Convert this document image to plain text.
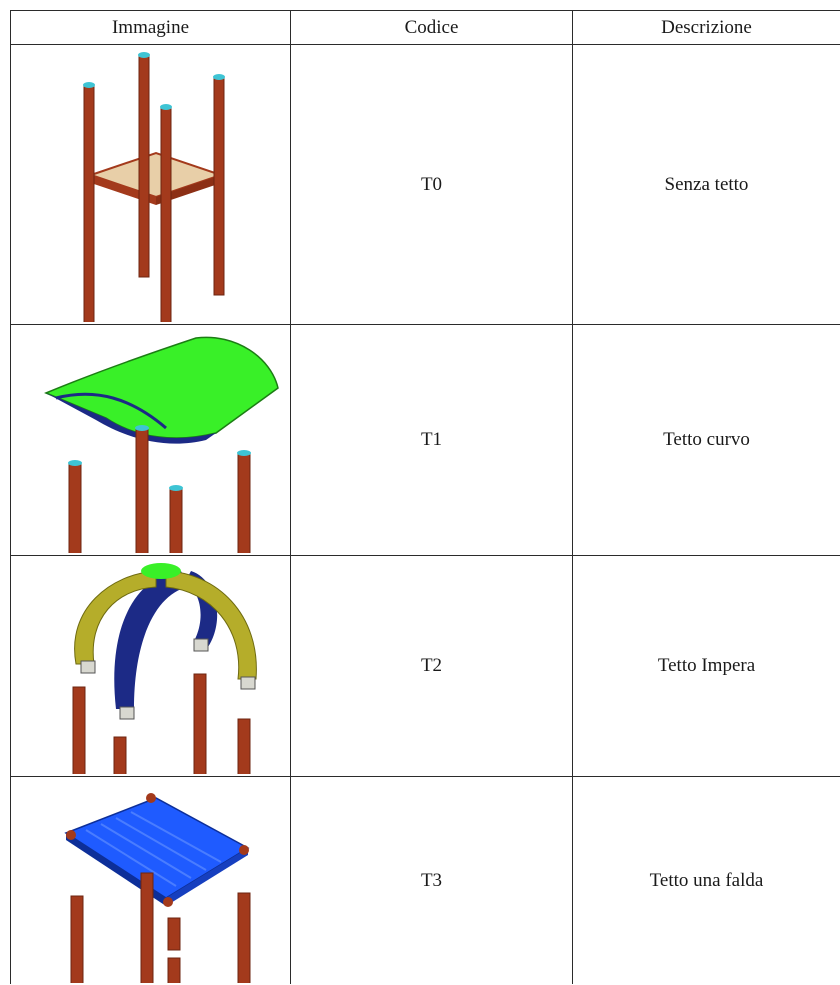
Immagine	Codice	Descrizione

	T0	Senza tetto

	T1	Tetto curvo

	T2	Tetto Impera

	T3	Tetto una falda
